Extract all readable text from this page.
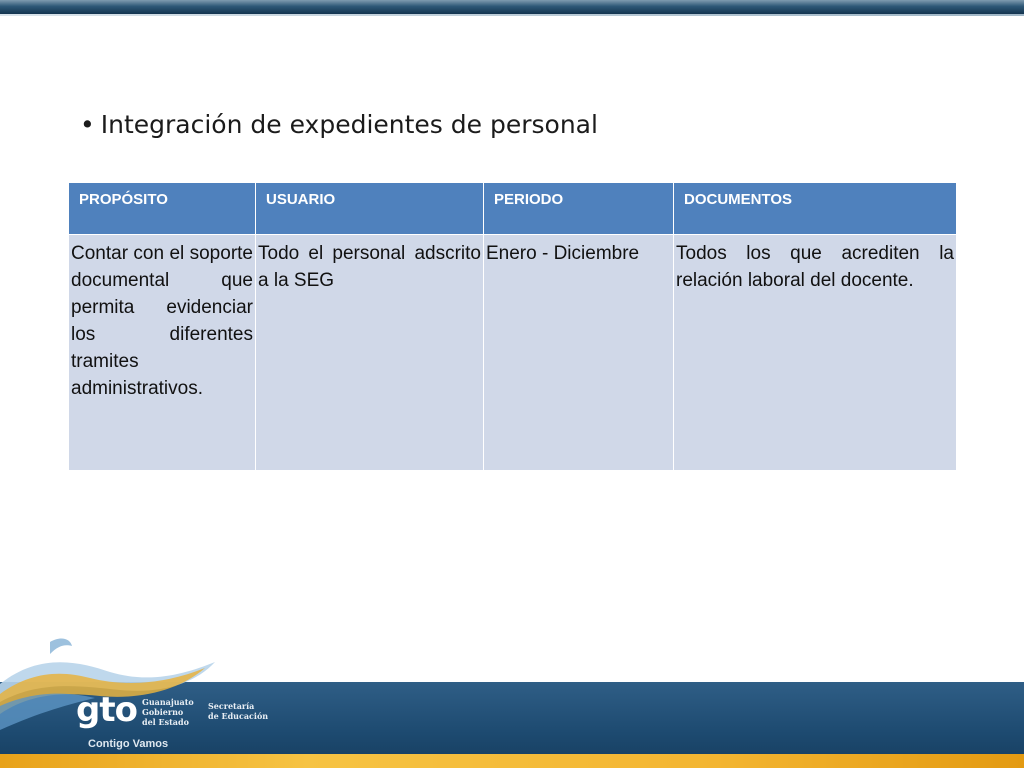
• Integración de expedientes de personal
PROPÓSITO	USUARIO	PERIODO	DOCUMENTOS
Contar con el soporte documental que permita evidenciar los diferentes tramites administrativos.	Todo el personal adscrito a la SEG	Enero - Diciembre	Todos los que acrediten la relación laboral del docente.
gto Guanajuato
Gobierno
del Estado
Secretaría
de Educación
Contigo Vamos
